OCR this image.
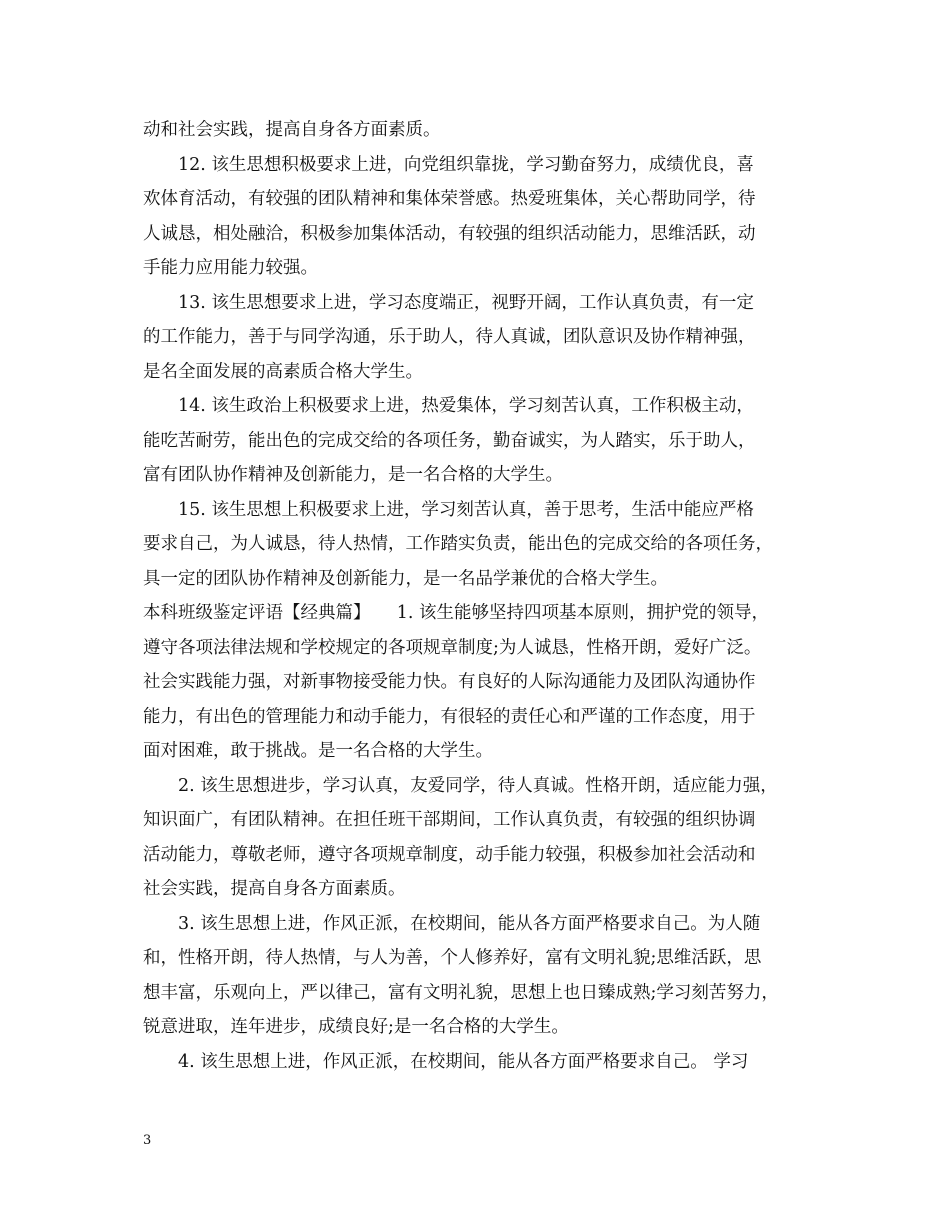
动和社会实践，提高自身各方面素质。
12. 该生思想积极要求上进，向党组织靠拢，学习勤奋努力，成绩优良，喜
欢体育活动，有较强的团队精神和集体荣誉感。热爱班集体，关心帮助同学，待
人诚恳，相处融洽，积极参加集体活动，有较强的组织活动能力，思维活跃，动
手能力应用能力较强。
13. 该生思想要求上进，学习态度端正，视野开阔，工作认真负责，有一定
的工作能力，善于与同学沟通，乐于助人，待人真诚，团队意识及协作精神强，
是名全面发展的高素质合格大学生。
14. 该生政治上积极要求上进，热爱集体，学习刻苦认真，工作积极主动，
能吃苦耐劳，能出色的完成交给的各项任务，勤奋诚实，为人踏实，乐于助人，
富有团队协作精神及创新能力，是一名合格的大学生。
15. 该生思想上积极要求上进，学习刻苦认真，善于思考，生活中能应严格
要求自己，为人诚恳，待人热情，工作踏实负责，能出色的完成交给的各项任务，
具一定的团队协作精神及创新能力，是一名品学兼优的合格大学生。
本科班级鉴定评语【经典篇】　　1. 该生能够坚持四项基本原则，拥护党的领导，
遵守各项法律法规和学校规定的各项规章制度;为人诚恳，性格开朗，爱好广泛。
社会实践能力强，对新事物接受能力快。有良好的人际沟通能力及团队沟通协作
能力，有出色的管理能力和动手能力，有很轻的责任心和严谨的工作态度，用于
面对困难，敢于挑战。是一名合格的大学生。
2. 该生思想进步，学习认真，友爱同学，待人真诚。性格开朗，适应能力强，
知识面广，有团队精神。在担任班干部期间，工作认真负责，有较强的组织协调
活动能力，尊敬老师，遵守各项规章制度，动手能力较强，积极参加社会活动和
社会实践，提高自身各方面素质。
3. 该生思想上进，作风正派，在校期间，能从各方面严格要求自己。为人随
和，性格开朗，待人热情，与人为善，个人修养好，富有文明礼貌;思维活跃，思
想丰富，乐观向上，严以律己，富有文明礼貌，思想上也日臻成熟;学习刻苦努力，
锐意进取，连年进步，成绩良好;是一名合格的大学生。
4. 该生思想上进，作风正派，在校期间，能从各方面严格要求自己。 学习
3
